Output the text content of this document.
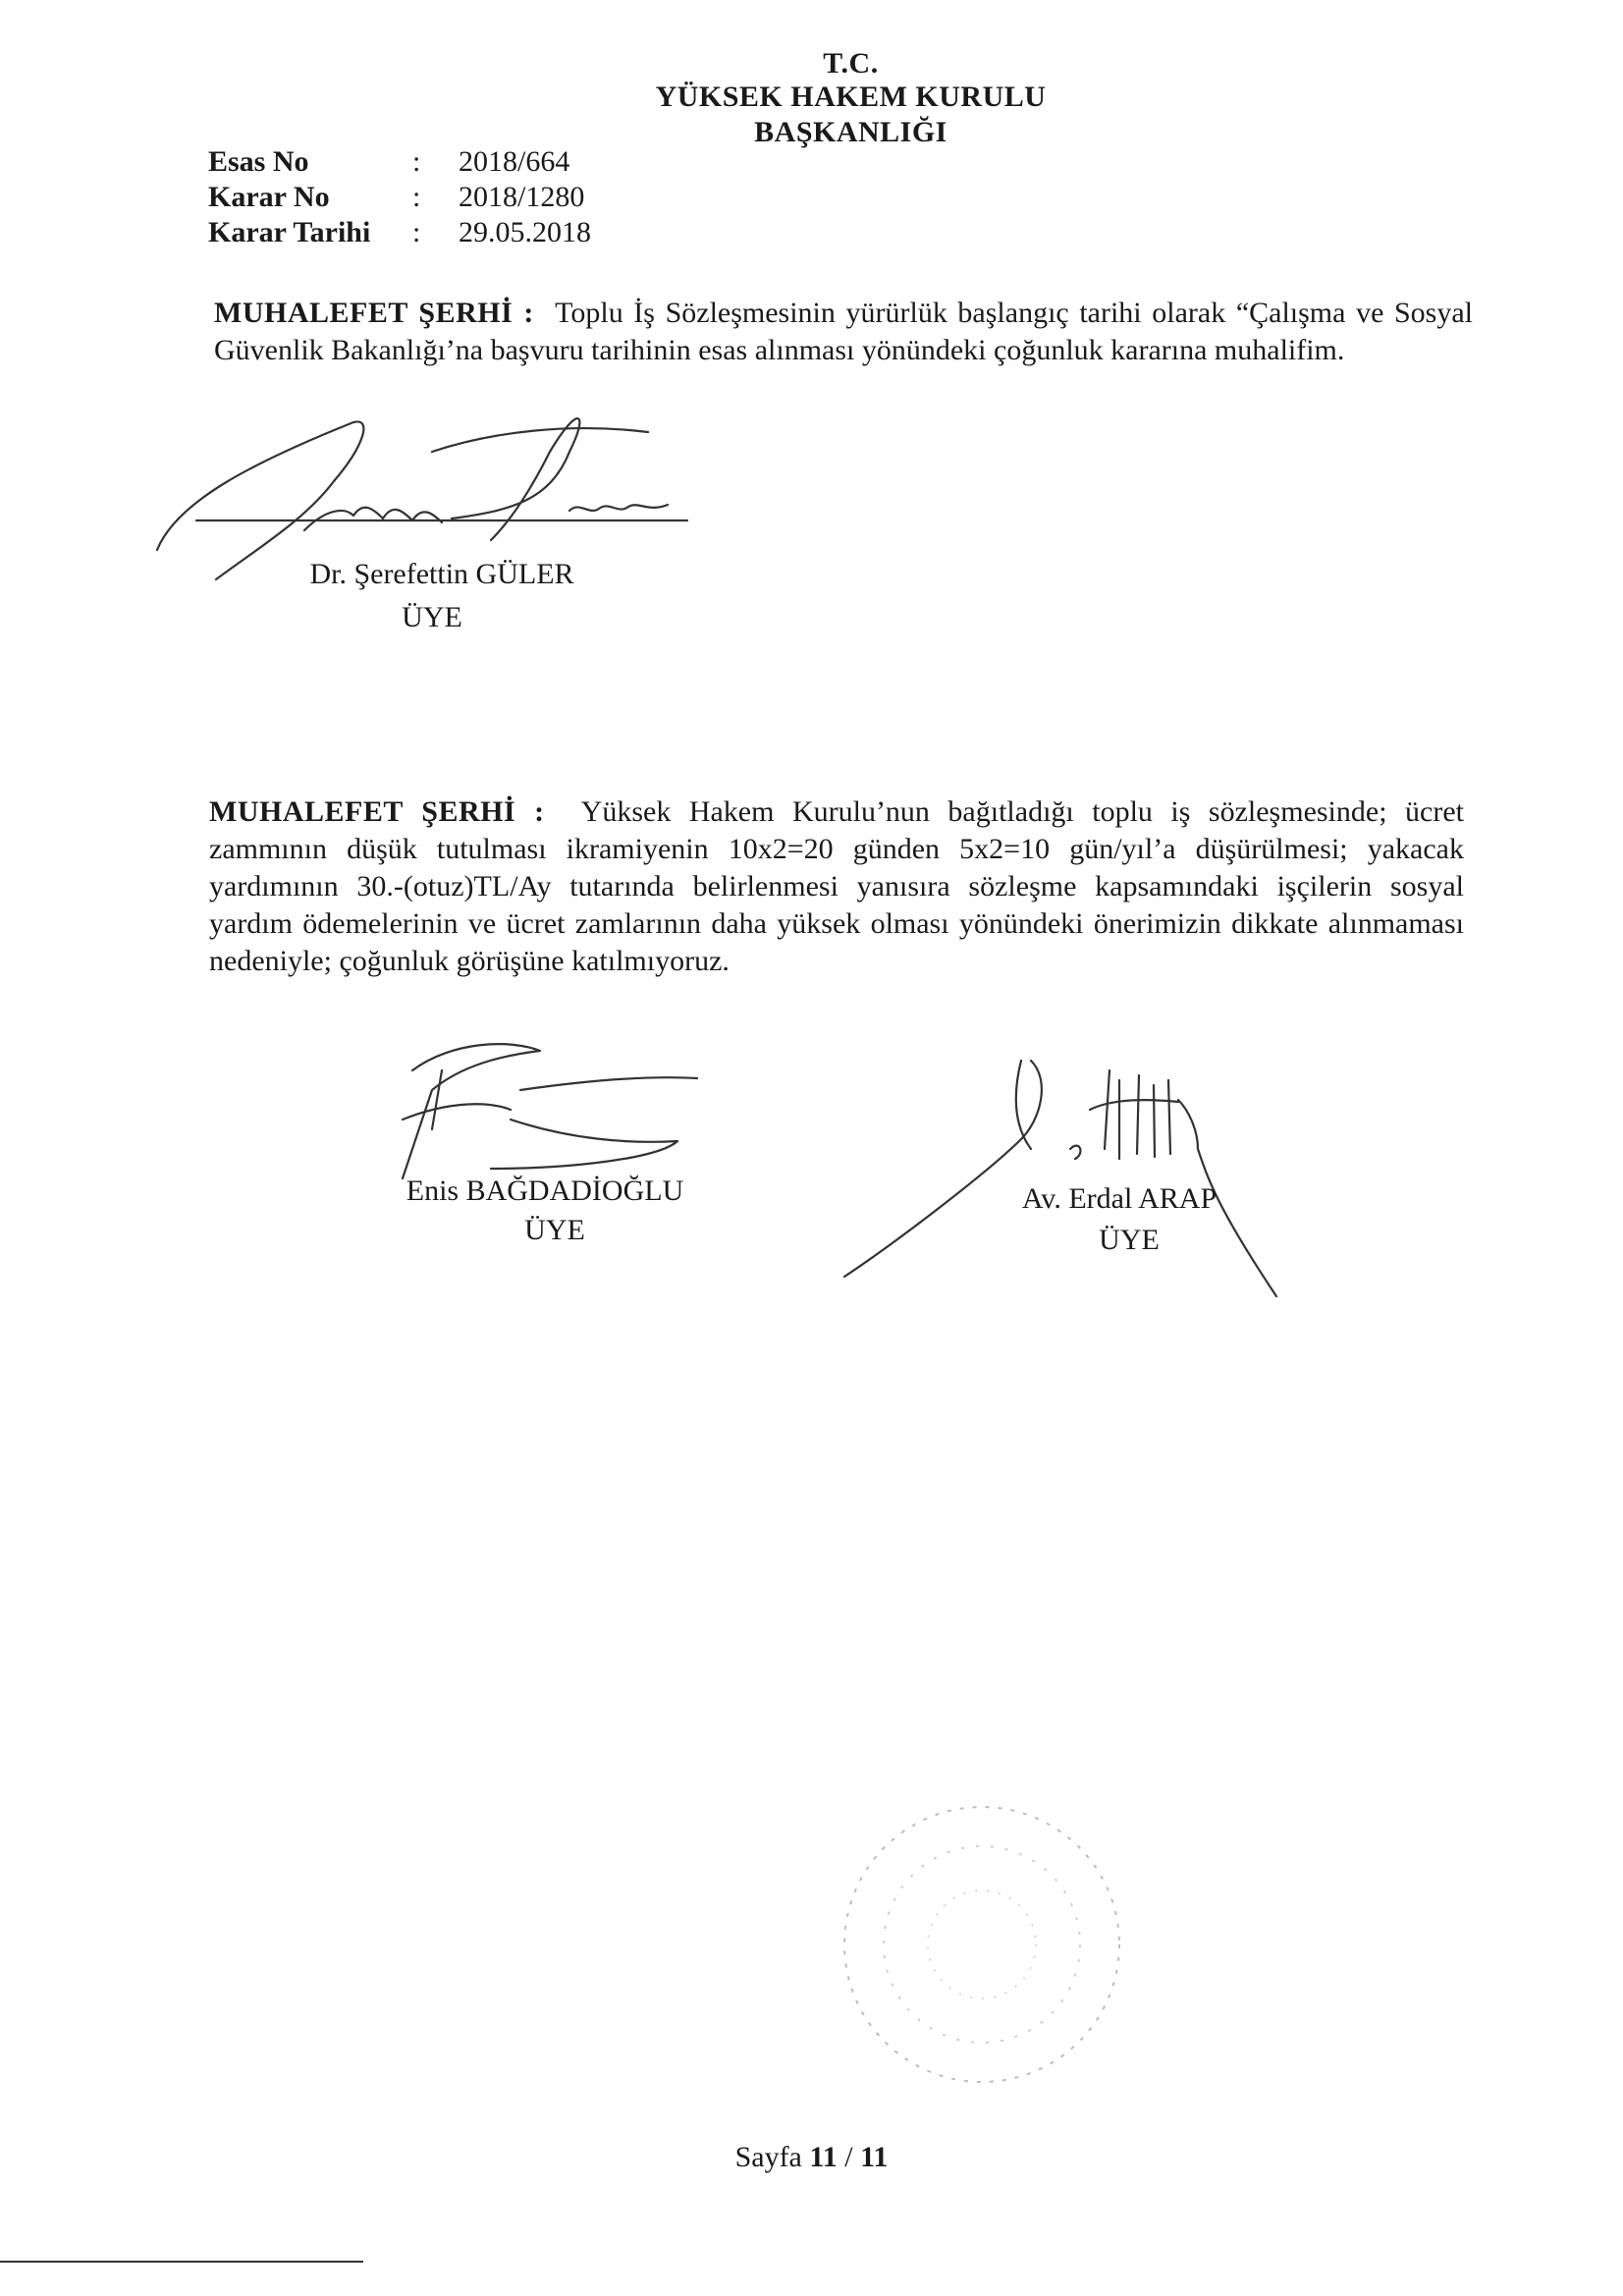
T.C.
YÜKSEK HAKEM KURULU
BAŞKANLIĞI
Esas No	: 2018/664
Karar No	: 2018/1280
Karar Tarihi : 29.05.2018
MUHALEFET ŞERHİ : Toplu İş Sözleşmesinin yürürlük başlangıç tarihi olarak “Çalışma ve Sosyal Güvenlik Bakanlığı’na başvuru tarihinin esas alınması yönündeki çoğunluk kararına muhalifim.
Dr. Şerefettin GÜLER
ÜYE
MUHALEFET ŞERHİ : Yüksek Hakem Kurulu’nun bağıtladığı toplu iş sözleşmesinde; ücret zammının düşük tutulması ikramiyenin 10x2=20 günden 5x2=10 gün/yıl’a düşürülmesi; yakacak yardımının 30.-(otuz)TL/Ay tutarında belirlenmesi yanısıra sözleşme kapsamındaki işçilerin sosyal yardım ödemelerinin ve ücret zamlarının daha yüksek olması yönündeki önerimizin dikkate alınmaması nedeniyle; çoğunluk görüşüne katılmıyoruz.
Enis BAĞDADİOĞLU
ÜYE
Av. Erdal ARAP
ÜYE
Sayfa 11 / 11
